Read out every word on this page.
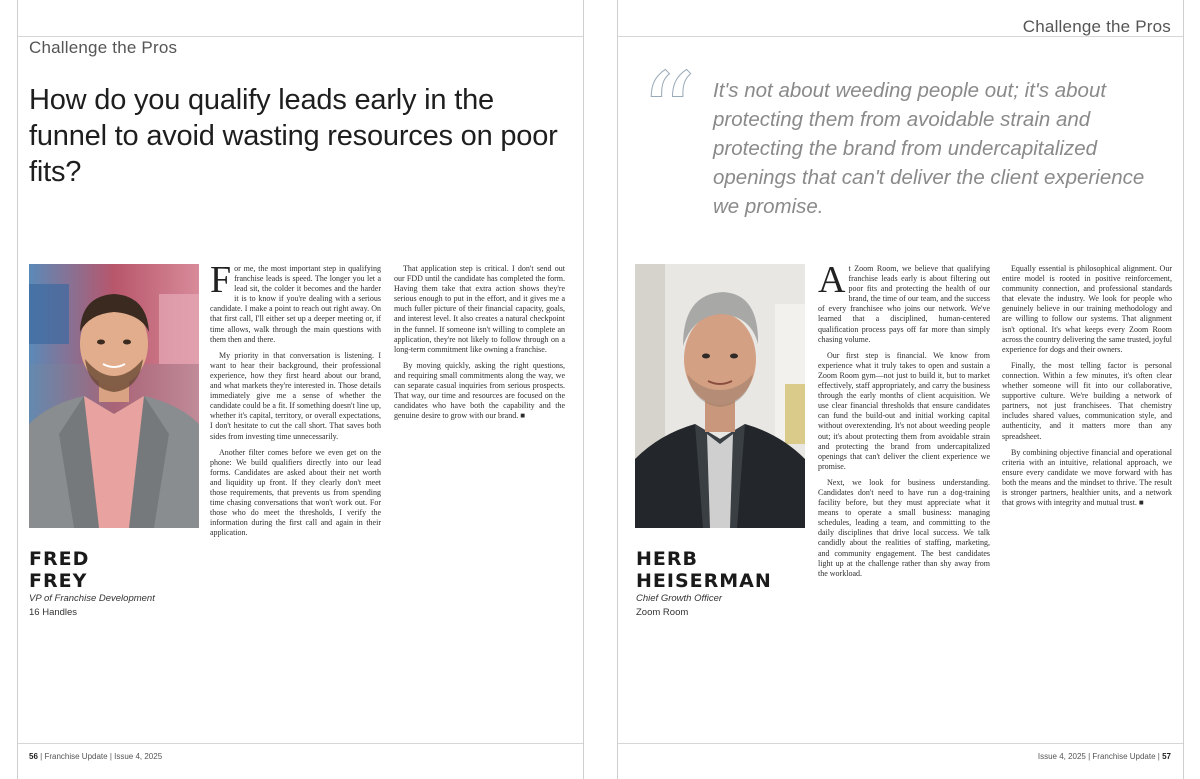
Challenge the Pros
How do you qualify leads early in the funnel to avoid wasting resources on poor fits?
FRED
FREY
VP of Franchise Development
16 Handles

For me, the most important step in qualifying franchise leads is speed. The longer you let a lead sit, the colder it becomes and the harder it is to know if you're dealing with a serious candidate. I make a point to reach out right away. On that first call, I'll either set up a deeper meeting or, if time allows, walk through the main questions with them then and there.

My priority in that conversation is listening. I want to hear their background, their professional experience, how they first heard about our brand, and what markets they're interested in. Those details immediately give me a sense of whether the candidate could be a fit. If something doesn't line up, whether it's capital, territory, or overall expectations, I don't hesitate to cut the call short. That saves both sides from investing time unnecessarily.

Another filter comes before we even get on the phone: We build qualifiers directly into our lead forms. Candidates are asked about their net worth and liquidity up front. If they clearly don't meet those requirements, that prevents us from spending time chasing conversations that won't work out. For those who do meet the thresholds, I verify the information during the first call and again in their application.

That application step is critical. I don't send out our FDD until the candidate has completed the form. Having them take that extra action shows they're serious enough to put in the effort, and it gives me a much fuller picture of their financial capacity, goals, and interest level. It also creates a natural checkpoint in the funnel. If someone isn't willing to complete an application, they're not likely to follow through on a long-term commitment like owning a franchise.

By moving quickly, asking the right questions, and requiring small commitments along the way, we can separate casual inquiries from serious prospects. That way, our time and resources are focused on the candidates who have both the capability and the genuine desire to grow with our brand. ■

56 | Franchise Update | Issue 4, 2025
Challenge the Pros
“ It's not about weeding people out; it's about protecting them from avoidable strain and protecting the brand from undercapitalized openings that can't deliver the client experience we promise.
HERB
HEISERMAN
Chief Growth Officer
Zoom Room

At Zoom Room, we believe that qualifying franchise leads early is about filtering out poor fits and protecting the health of our brand, the time of our team, and the success of every franchisee who joins our network. We've learned that a disciplined, human-centered qualification process pays off far more than simply chasing volume.

Our first step is financial. We know from experience what it truly takes to open and sustain a Zoom Room gym—not just to build it, but to market effectively, staff appropriately, and carry the business through the early months of client acquisition. We use clear financial thresholds that ensure candidates can fund the build-out and initial working capital without overextending. It's not about weeding people out; it's about protecting them from avoidable strain and protecting the brand from undercapitalized openings that can't deliver the client experience we promise.

Next, we look for business understanding. Candidates don't need to have run a dog-training facility before, but they must appreciate what it means to operate a small business: managing schedules, leading a team, and committing to the daily disciplines that drive local success. We talk candidly about the realities of staffing, marketing, and community engagement. The best candidates light up at the challenge rather than shy away from the workload.

Equally essential is philosophical alignment. Our entire model is rooted in positive reinforcement, community connection, and professional standards that elevate the industry. We look for people who genuinely believe in our training methodology and are willing to follow our systems. That alignment isn't optional. It's what keeps every Zoom Room across the country delivering the same trusted, joyful experience for dogs and their owners.

Finally, the most telling factor is personal connection. Within a few minutes, it's often clear whether someone will fit into our collaborative, supportive culture. We're building a network of partners, not just franchisees. That chemistry includes shared values, communication style, and authenticity, and it matters more than any spreadsheet.

By combining objective financial and operational criteria with an intuitive, relational approach, we ensure every candidate we move forward with has both the means and the mindset to thrive. The result is stronger partners, healthier units, and a network that grows with integrity and mutual trust. ■

Issue 4, 2025 | Franchise Update | 57
